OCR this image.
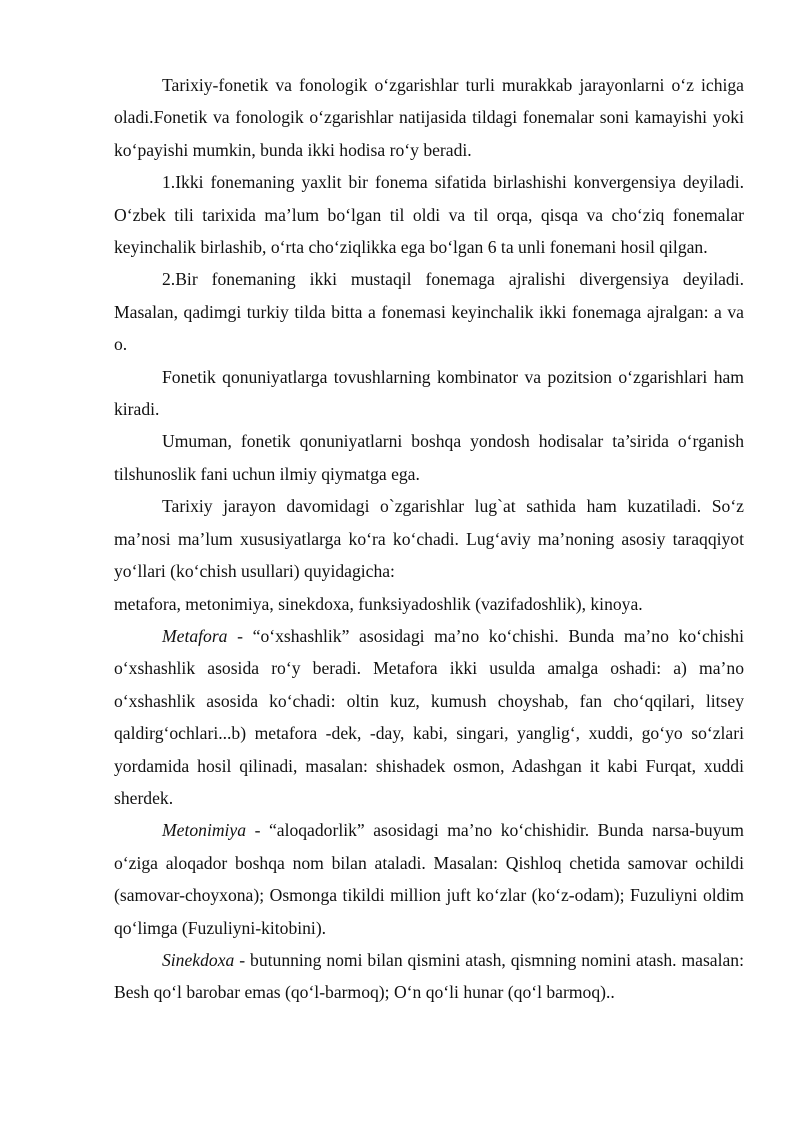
Tarixiy-fonetik va fonologik o‘zgarishlar turli murakkab jarayonlarni o‘z ichiga oladi.Fonetik va fonologik o‘zgarishlar natijasida tildagi fonemalar soni kamayishi yoki ko‘payishi mumkin, bunda ikki hodisa ro‘y beradi.

1.Ikki fonemaning yaxlit bir fonema sifatida birlashishi konvergensiya deyiladi. O‘zbek tili tarixida ma’lum bo‘lgan til oldi va til orqa, qisqa va cho‘ziq fonemalar keyinchalik birlashib, o‘rta cho‘ziqlikka ega bo‘lgan 6 ta unli fonemani hosil qilgan.

2.Bir fonemaning ikki mustaqil fonemaga ajralishi divergensiya deyiladi. Masalan, qadimgi turkiy tilda bitta a fonemasi keyinchalik ikki fonemaga ajralgan: a va o.

Fonetik qonuniyatlarga tovushlarning kombinator va pozitsion o‘zgarishlari ham kiradi.

Umuman, fonetik qonuniyatlarni boshqa yondosh hodisalar ta’sirida o‘rganish tilshunoslik fani uchun ilmiy qiymatga ega.

Tarixiy jarayon davomidagi o`zgarishlar lug`at sathida ham kuzatiladi. So‘z ma’nosi ma’lum xususiyatlarga ko‘ra ko‘chadi. Lug‘aviy ma’noning asosiy taraqqiyot yo‘llari (ko‘chish usullari) quyidagicha:

metafora, metonimiya, sinekdoxa, funksiyadoshlik (vazifadoshlik), kinoya.

Metafora - “o‘xshashlik” asosidagi ma’no ko‘chishi. Bunda ma’no ko‘chishi o‘xshashlik asosida ro‘y beradi. Metafora ikki usulda amalga oshadi: a) ma’no o‘xshashlik asosida ko‘chadi: oltin kuz, kumush choyshab, fan cho‘qqilari, litsey qaldirg‘ochlari...b) metafora -dek, -day, kabi, singari, yanglig‘, xuddi, go‘yo so‘zlari yordamida hosil qilinadi, masalan: shishadek osmon, Adashgan it kabi Furqat, xuddi sherdek.

Metonimiya - “aloqadorlik” asosidagi ma’no ko‘chishidir. Bunda narsa-buyum o‘ziga aloqador boshqa nom bilan ataladi. Masalan: Qishloq chetida samovar ochildi (samovar-choyxona); Osmonga tikildi million juft ko‘zlar (ko‘z-odam); Fuzuliyni oldim qo‘limga (Fuzuliyni-kitobini).

Sinekdoxa - butunning nomi bilan qismini atash, qismning nomini atash. masalan: Besh qo‘l barobar emas (qo‘l-barmoq); O‘n qo‘li hunar (qo‘l barmoq)..
